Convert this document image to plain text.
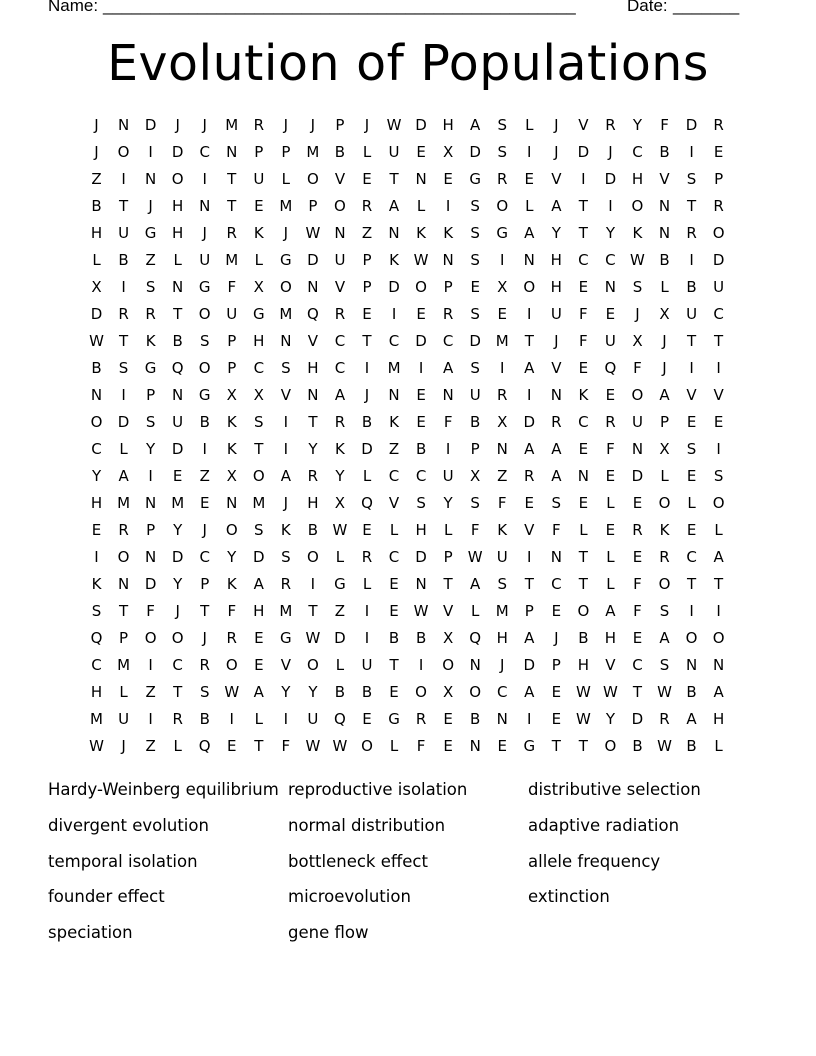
Name: __________________________________________________	Date: _______
Evolution of Populations
J	N	D	J	J	M	R	J	J	P	J	W D	H	A	S	L	J	V	R	Y	F	D	R
J	O	I	D	C	N	P	P	M	B	L	U	E	X	D	S	I	J	D	J	C	B	I	E
Z	I	N	O	I	T	U	L	O	V	E	T	N	E	G	R	E	V	I	D	H	V	S	P
B	T	J	H	N	T	E	M	P	O	R	A	L	I	S	O	L	A	T	I	O	N	T	R
H	U	G	H	J	R	K	J	W N	Z	N	K	K	S	G	A	Y	T	Y	K	N	R	O
L	B	Z	L	U	M	L	G	D	U	P	K W N	S	I	N	H	C	C W B	I	D
X	I	S	N	G	F	X	O	N	V	P	D	O	P	E	X	O	H	E	N	S	L	B	U
D	R	R	T	O	U	G M Q	R	E	I	E	R	S	E	I	U	F	E	J	X	U	C
W	T	K	B	S	P	H	N	V	C	T	C	D	C	D M	T	J	F	U	X	J	T	T
B	S	G	Q	O	P	C	S	H	C	I	M	I	A	S	I	A	V	E	Q	F	J	I	I
N	I	P	N	G	X	X	V	N	A	J	N	E	N	U	R	I	N	K	E	O	A	V	V
O	D	S	U	B	K	S	I	T	R	B	K	E	F	B	X	D	R	C	R	U	P	E	E
C	L	Y	D	I	K	T	I	Y	K	D	Z	B	I	P	N	A	A	E	F	N	X	S	I
Y	A	I	E	Z	X	O	A	R	Y	L	C	C	U	X	Z	R	A	N	E	D	L	E	S
H M N M	E	N M	J	H	X	Q	V	S	Y	S	F	E	S	E	L	E	O	L	O
E	R	P	Y	J	O	S	K	B W E	L	H	L	F	K	V	F	L	E	R	K	E	L
I	O	N	D	C	Y	D	S	O	L	R	C	D	P	W U	I	N	T	L	E	R	C	A
K	N	D	Y	P	K	A	R	I	G	L	E	N	T	A	S	T	C	T	L	F	O	T	T
S	T	F	J	T	F	H M	T	Z	I	E W V	L	M	P	E	O	A	F	S	I	I
Q	P	O	O	J	R	E	G W D	I	B	B	X	Q	H	A	J	B	H	E	A	O	O
C	M	I	C	R	O	E	V	O	L	U	T	I	O	N	J	D	P	H	V	C	S	N	N
H	L	Z	T	S W A	Y	Y	B	B	E	O	X	O	C	A	E W W	T	W B	A
M	U	I	R	B	I	L	I	U	Q	E	G	R	E	B	N	I	E W	Y	D	R	A	H
W	J	Z	L	Q	E	T	F	W W O	L	F	E	N	E	G	T	T	O	B W B	L
Hardy-Weinberg equilibrium
divergent evolution
temporal isolation
founder effect
speciation
reproductive isolation
normal distribution
bottleneck effect
microevolution
gene flow
distributive selection
adaptive radiation
allele frequency
extinction
